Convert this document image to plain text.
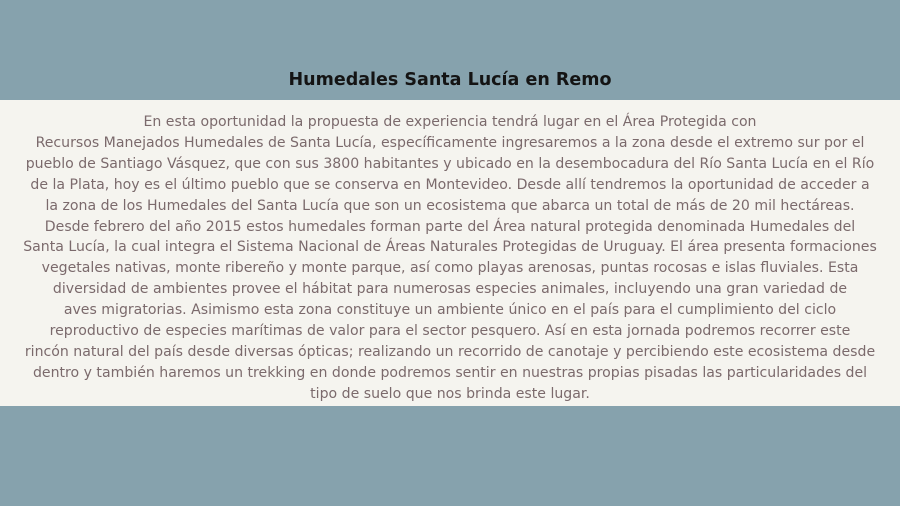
Humedales Santa Lucía en Remo

En esta oportunidad la propuesta de experiencia tendrá lugar en el Área Protegida con
Recursos Manejados Humedales de Santa Lucía, específicamente ingresaremos a la zona desde el extremo sur por el
pueblo de Santiago Vásquez, que con sus 3800 habitantes y ubicado en la desembocadura del Río Santa Lucía en el Río
de la Plata, hoy es el último pueblo que se conserva en Montevideo. Desde allí tendremos la oportunidad de acceder a
la zona de los Humedales del Santa Lucía que son un ecosistema que abarca un total de más de 20 mil hectáreas.
Desde febrero del año 2015 estos humedales forman parte del Área natural protegida denominada Humedales del
Santa Lucía, la cual integra el Sistema Nacional de Áreas Naturales Protegidas de Uruguay. El área presenta formaciones
vegetales nativas, monte ribereño y monte parque, así como playas arenosas, puntas rocosas e islas fluviales. Esta
diversidad de ambientes provee el hábitat para numerosas especies animales, incluyendo una gran variedad de
aves migratorias. Asimismo esta zona constituye un ambiente único en el país para el cumplimiento del ciclo
reproductivo de especies marítimas de valor para el sector pesquero. Así en esta jornada podremos recorrer este
rincón natural del país desde diversas ópticas; realizando un recorrido de canotaje y percibiendo este ecosistema desde
dentro y también haremos un trekking en donde podremos sentir en nuestras propias pisadas las particularidades del
tipo de suelo que nos brinda este lugar.
